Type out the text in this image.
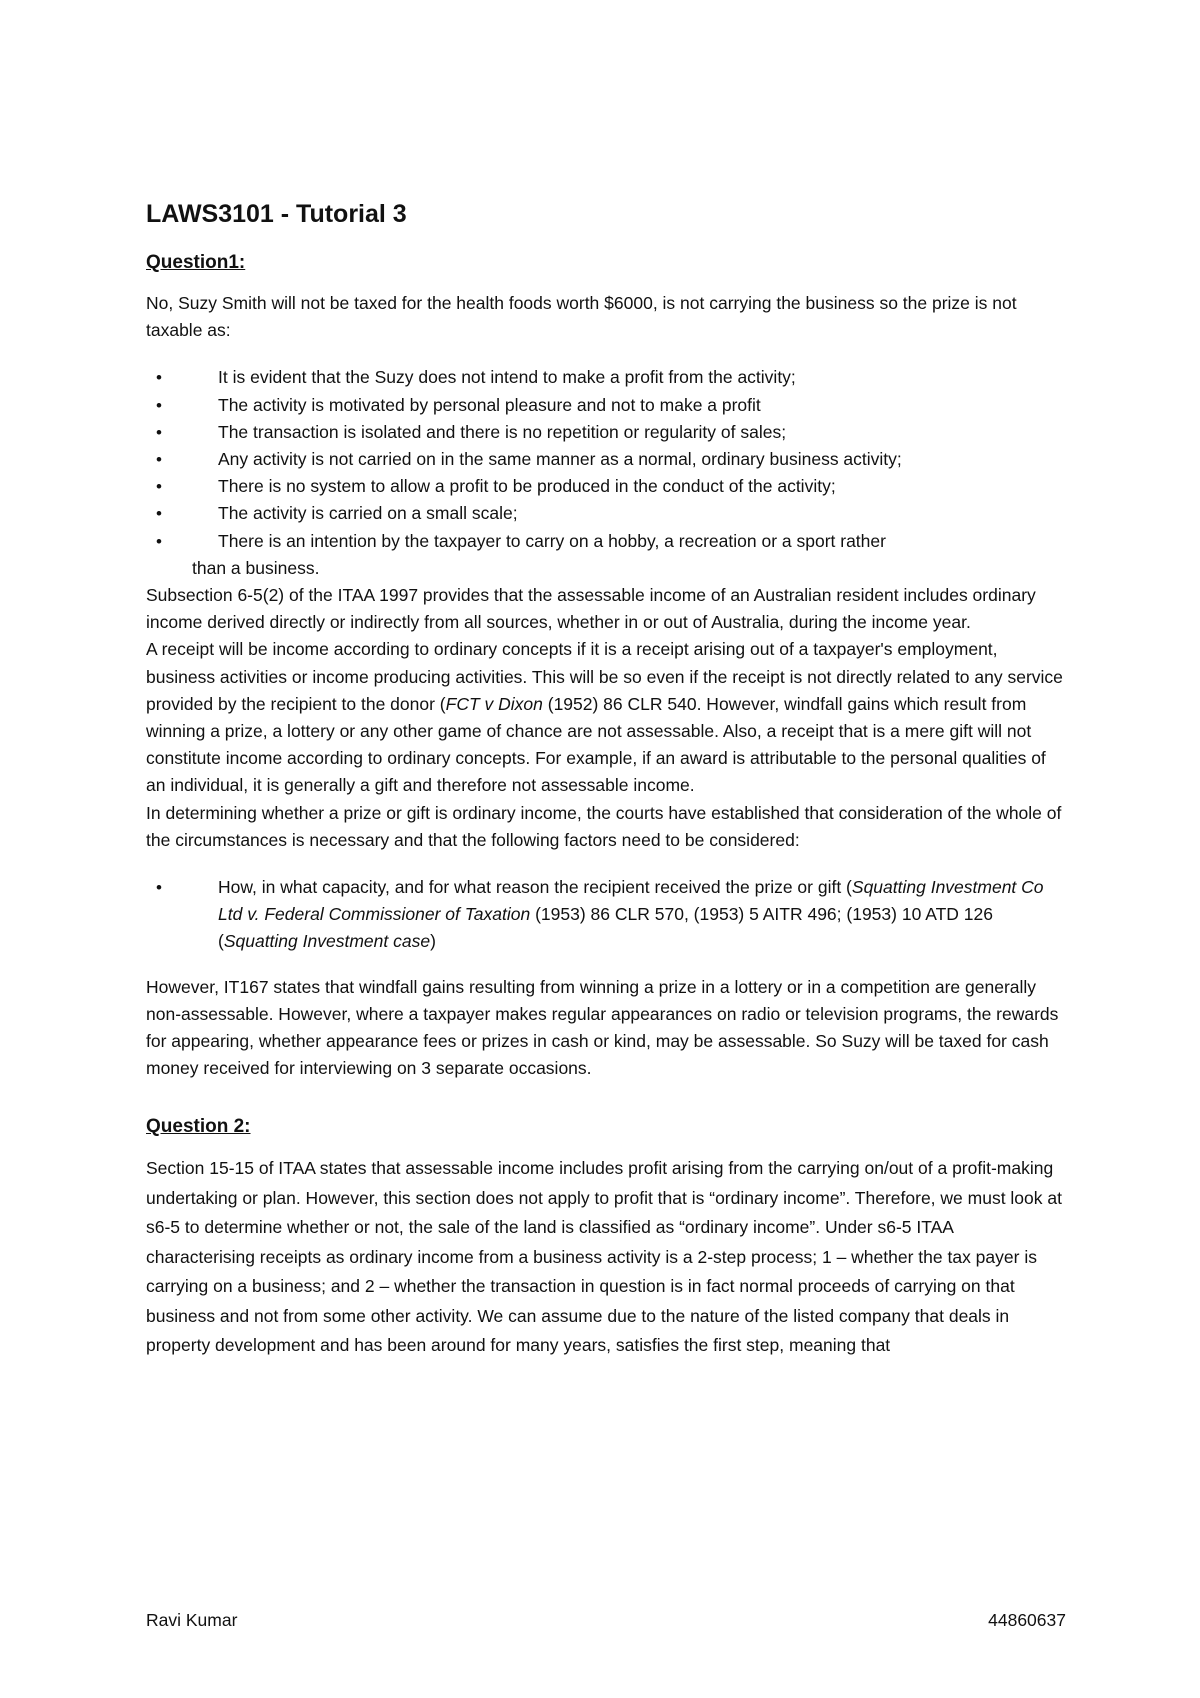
LAWS3101 - Tutorial 3
Question1:

No, Suzy Smith will not be taxed for the health foods worth $6000, is not carrying the business so the prize is not taxable as:

• It is evident that the Suzy does not intend to make a profit from the activity;
• The activity is motivated by personal pleasure and not to make a profit
• The transaction is isolated and there is no repetition or regularity of sales;
• Any activity is not carried on in the same manner as a normal, ordinary business activity;
• There is no system to allow a profit to be produced in the conduct of the activity;
• The activity is carried on a small scale;
• There is an intention by the taxpayer to carry on a hobby, a recreation or a sport rather

than a business.

Subsection 6-5(2) of the ITAA 1997 provides that the assessable income of an Australian resident includes ordinary income derived directly or indirectly from all sources, whether in or out of Australia, during the income year.

A receipt will be income according to ordinary concepts if it is a receipt arising out of a taxpayer's employment, business activities or income producing activities. This will be so even if the receipt is not directly related to any service provided by the recipient to the donor (FCT v Dixon (1952) 86 CLR 540. However, windfall gains which result from winning a prize, a lottery or any other game of chance are not assessable. Also, a receipt that is a mere gift will not constitute income according to ordinary concepts. For example, if an award is attributable to the personal qualities of an individual, it is generally a gift and therefore not assessable income.

In determining whether a prize or gift is ordinary income, the courts have established that consideration of the whole of the circumstances is necessary and that the following factors need to be considered:

• How, in what capacity, and for what reason the recipient received the prize or gift (Squatting Investment Co Ltd v. Federal Commissioner of Taxation (1953) 86 CLR 570, (1953) 5 AITR 496; (1953) 10 ATD 126 (Squatting Investment case)

However, IT167 states that windfall gains resulting from winning a prize in a lottery or in a competition are generally non-assessable. However, where a taxpayer makes regular appearances on radio or television programs, the rewards for appearing, whether appearance fees or prizes in cash or kind, may be assessable. So Suzy will be taxed for cash money received for interviewing on 3 separate occasions.

Question 2:

Section 15-15 of ITAA states that assessable income includes profit arising from the carrying on/out of a profit-making undertaking or plan. However, this section does not apply to profit that is “ordinary income”. Therefore, we must look at s6-5 to determine whether or not, the sale of the land is classified as “ordinary income”. Under s6-5 ITAA characterising receipts as ordinary income from a business activity is a 2-step process; 1 – whether the tax payer is carrying on a business; and 2 – whether the transaction in question is in fact normal proceeds of carrying on that business and not from some other activity. We can assume due to the nature of the listed company that deals in property development and has been around for many years, satisfies the first step, meaning that

Ravi Kumar	44860637
